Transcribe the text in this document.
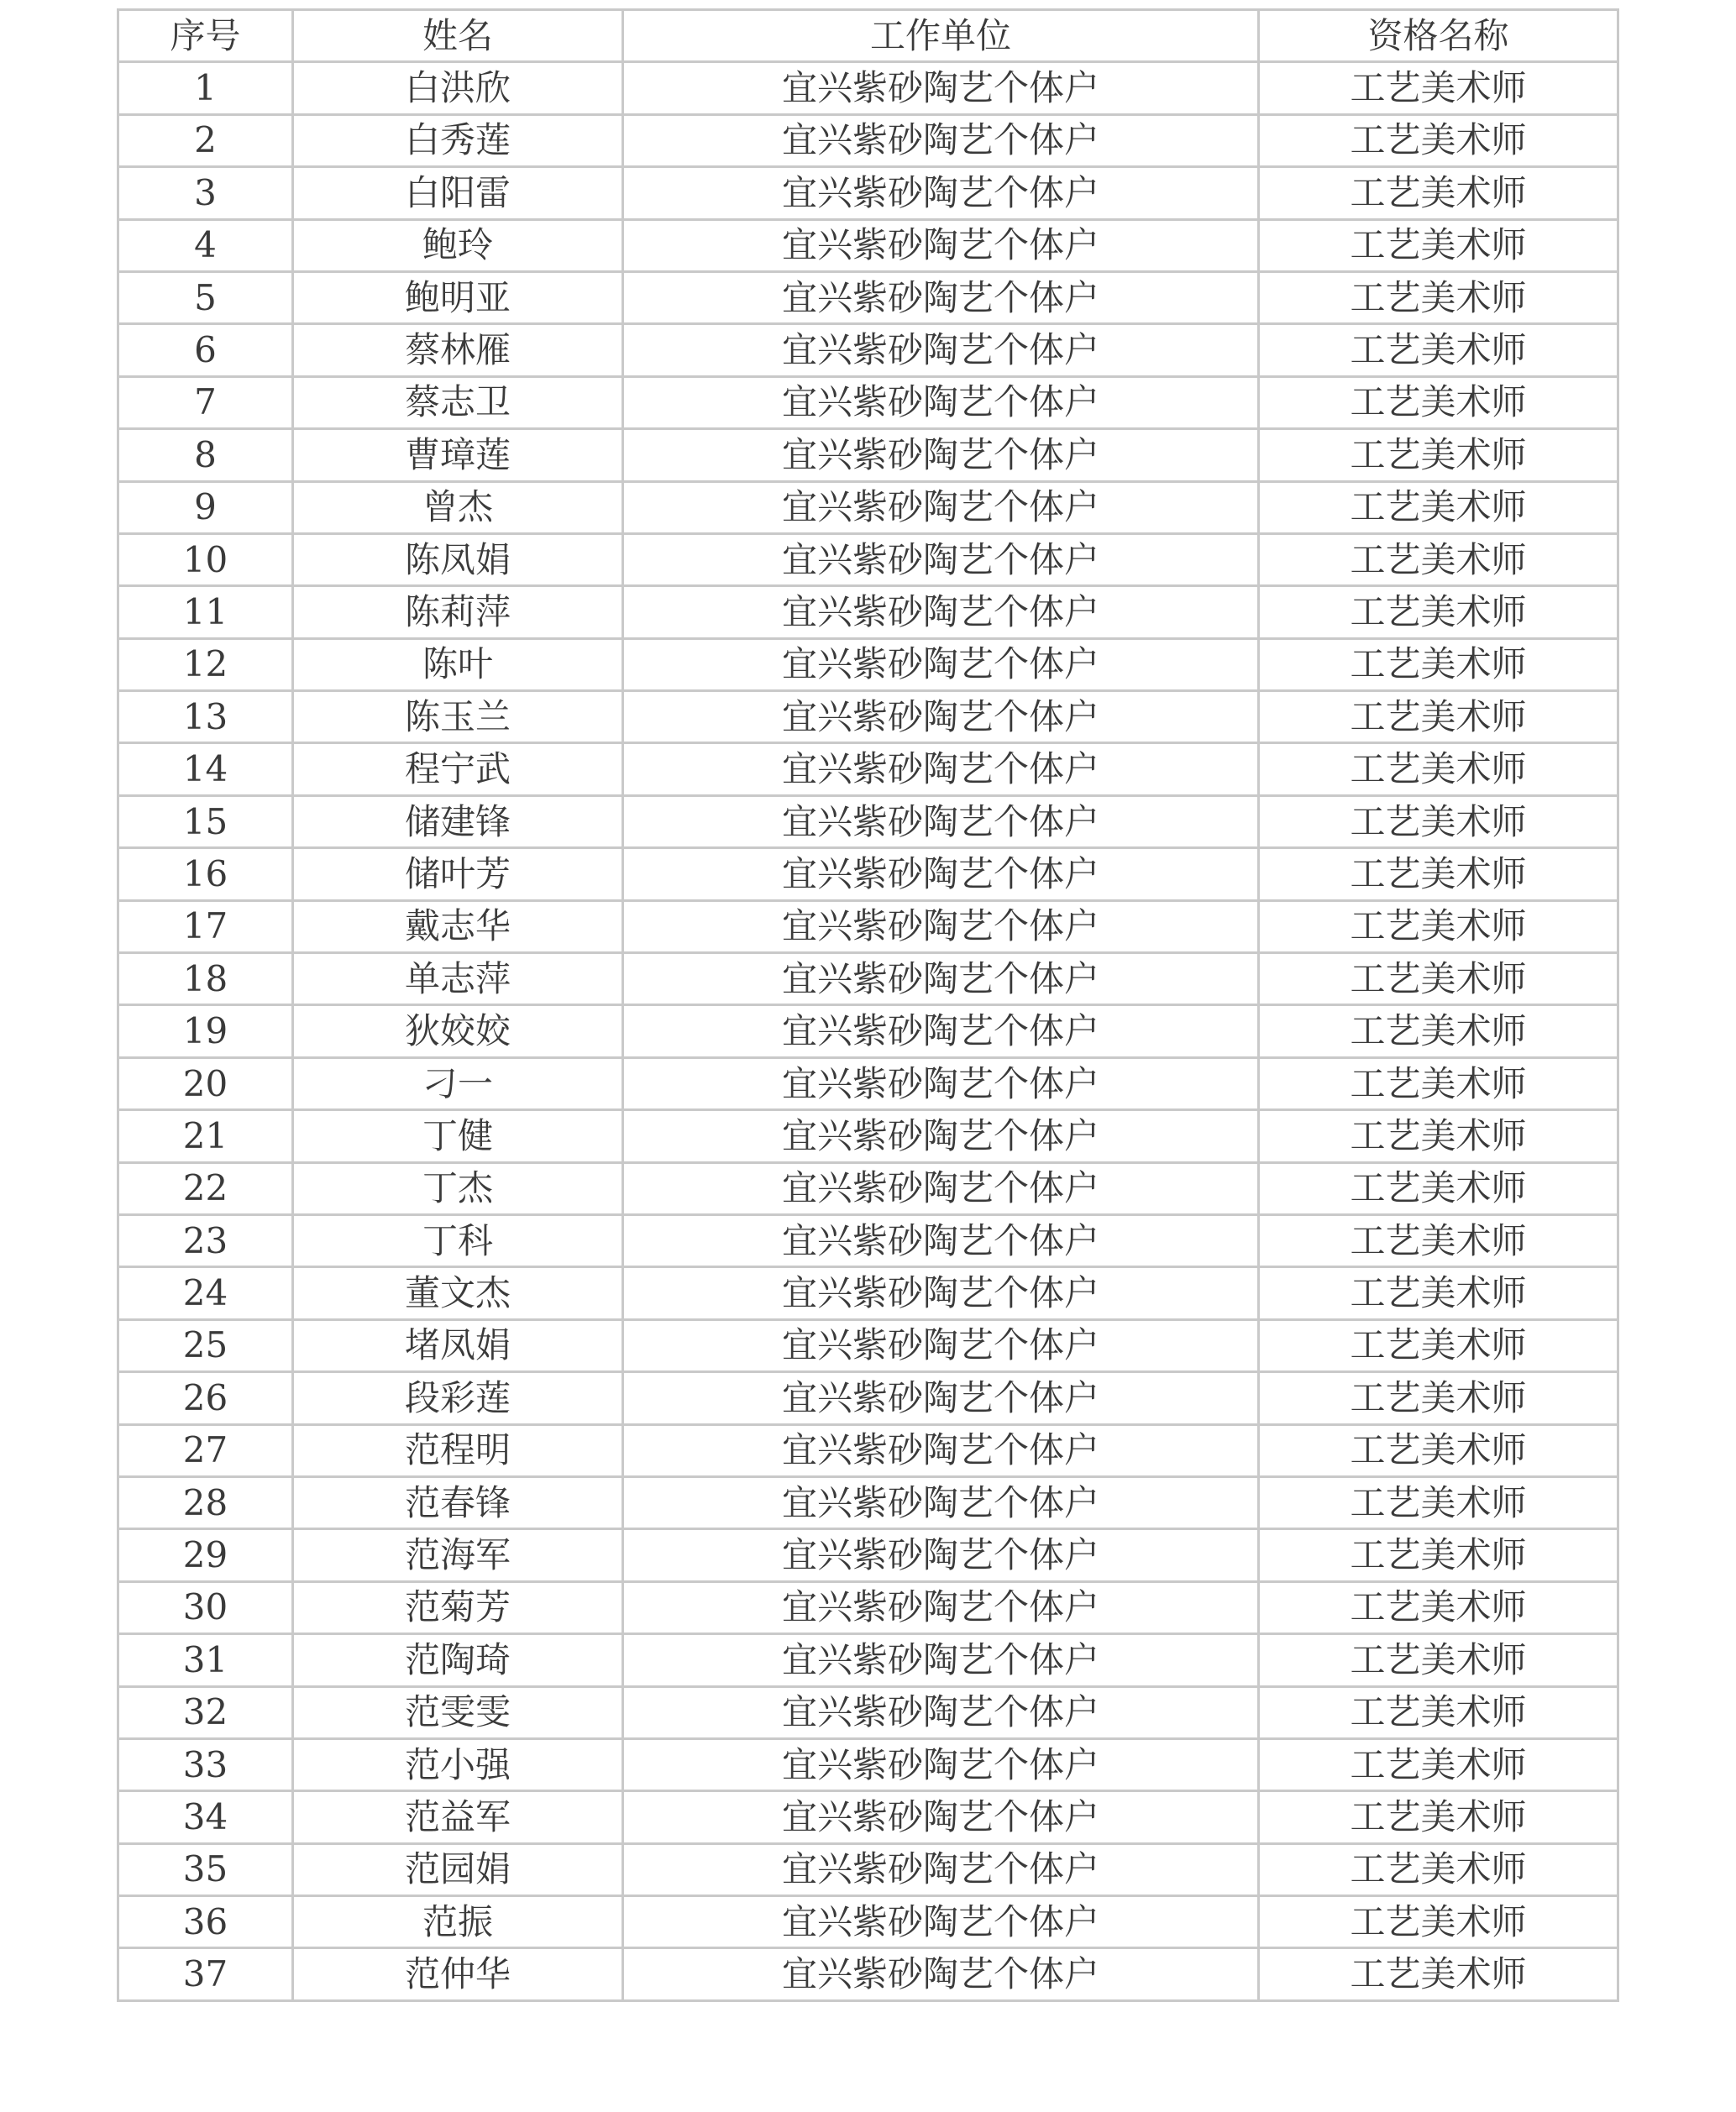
序号	姓名	工作单位	资格名称
1	白洪欣	宜兴紫砂陶艺个体户	工艺美术师
2	白秀莲	宜兴紫砂陶艺个体户	工艺美术师
3	白阳雷	宜兴紫砂陶艺个体户	工艺美术师
4	鲍玲	宜兴紫砂陶艺个体户	工艺美术师
5	鲍明亚	宜兴紫砂陶艺个体户	工艺美术师
6	蔡林雁	宜兴紫砂陶艺个体户	工艺美术师
7	蔡志卫	宜兴紫砂陶艺个体户	工艺美术师
8	曹璋莲	宜兴紫砂陶艺个体户	工艺美术师
9	曾杰	宜兴紫砂陶艺个体户	工艺美术师
10	陈凤娟	宜兴紫砂陶艺个体户	工艺美术师
11	陈莉萍	宜兴紫砂陶艺个体户	工艺美术师
12	陈叶	宜兴紫砂陶艺个体户	工艺美术师
13	陈玉兰	宜兴紫砂陶艺个体户	工艺美术师
14	程宁武	宜兴紫砂陶艺个体户	工艺美术师
15	储建锋	宜兴紫砂陶艺个体户	工艺美术师
16	储叶芳	宜兴紫砂陶艺个体户	工艺美术师
17	戴志华	宜兴紫砂陶艺个体户	工艺美术师
18	单志萍	宜兴紫砂陶艺个体户	工艺美术师
19	狄姣姣	宜兴紫砂陶艺个体户	工艺美术师
20	刁一	宜兴紫砂陶艺个体户	工艺美术师
21	丁健	宜兴紫砂陶艺个体户	工艺美术师
22	丁杰	宜兴紫砂陶艺个体户	工艺美术师
23	丁科	宜兴紫砂陶艺个体户	工艺美术师
24	董文杰	宜兴紫砂陶艺个体户	工艺美术师
25	堵凤娟	宜兴紫砂陶艺个体户	工艺美术师
26	段彩莲	宜兴紫砂陶艺个体户	工艺美术师
27	范程明	宜兴紫砂陶艺个体户	工艺美术师
28	范春锋	宜兴紫砂陶艺个体户	工艺美术师
29	范海军	宜兴紫砂陶艺个体户	工艺美术师
30	范菊芳	宜兴紫砂陶艺个体户	工艺美术师
31	范陶琦	宜兴紫砂陶艺个体户	工艺美术师
32	范雯雯	宜兴紫砂陶艺个体户	工艺美术师
33	范小强	宜兴紫砂陶艺个体户	工艺美术师
34	范益军	宜兴紫砂陶艺个体户	工艺美术师
35	范园娟	宜兴紫砂陶艺个体户	工艺美术师
36	范振	宜兴紫砂陶艺个体户	工艺美术师
37	范仲华	宜兴紫砂陶艺个体户	工艺美术师
